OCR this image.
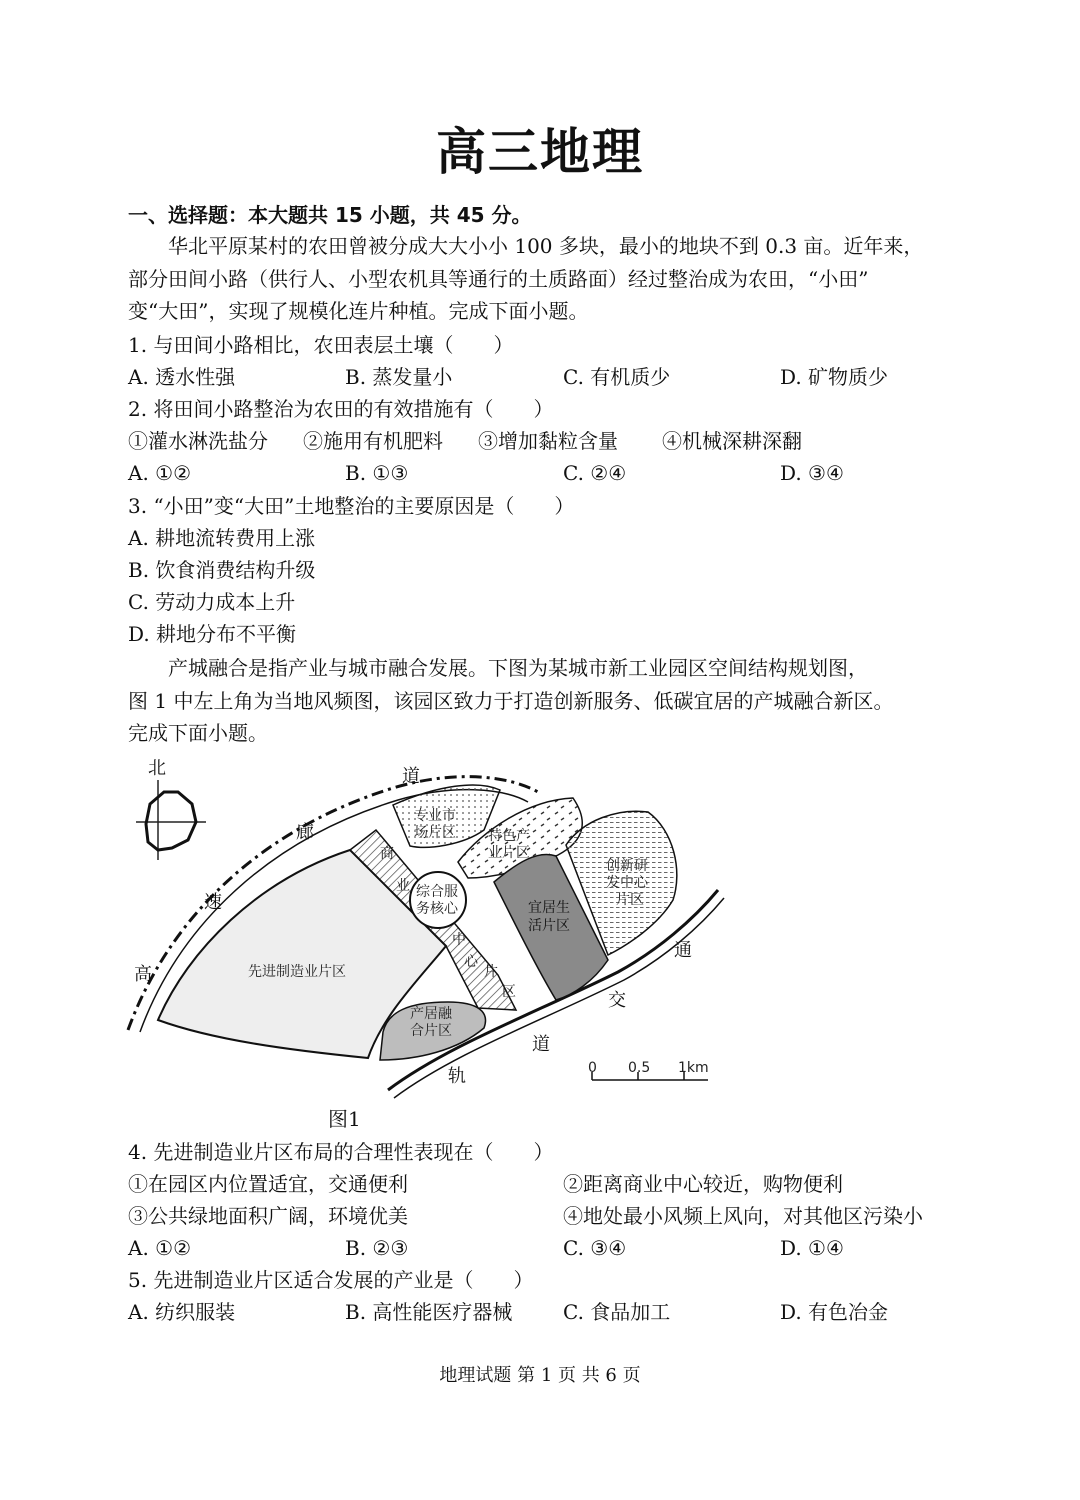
高三地理
一、选择题：本大题共 15 小题，共 45 分。
华北平原某村的农田曾被分成大大小小 100 多块，最小的地块不到 0.3 亩。近年来，
部分田间小路（供行人、小型农机具等通行的土质路面）经过整治成为农田，“小田”
变“大田”，实现了规模化连片种植。完成下面小题。
1. 与田间小路相比，农田表层土壤（　　）
A. 透水性强	B. 蒸发量小	C. 有机质少	D. 矿物质少
2. 将田间小路整治为农田的有效措施有（　　）
①灌水淋洗盐分 ②施用有机肥料 ③增加黏粒含量 ④机械深耕深翻
A. ①②	B. ①③	C. ②④	D. ③④
3. “小田”变“大田”土地整治的主要原因是（　　）
A. 耕地流转费用上涨
B. 饮食消费结构升级
C. 劳动力成本上升
D. 耕地分布不平衡
产城融合是指产业与城市融合发展。下图为某城市新工业园区空间结构规划图，
图 1 中左上角为当地风频图，该园区致力于打造创新服务、低碳宜居的产城融合新区。
完成下面小题。
北
专业市
场片区 特色产
业片区
创新研
发中心
片区
综合服
务核心	宜居生
活片区
先进制造业片区
产居融
合片区
商
业
中
心
片
区
高
速
廊
道
轨
道
交
通
0 0.5 1km
图1
4. 先进制造业片区布局的合理性表现在（　　）
①在园区内位置适宜，交通便利	②距离商业中心较近，购物便利
③公共绿地面积广阔，环境优美	④地处最小风频上风向，对其他区污染小
A. ①②	B. ②③	C. ③④	D. ①④
5. 先进制造业片区适合发展的产业是（　　）
A. 纺织服装	B. 高性能医疗器械	C. 食品加工	D. 有色冶金
地理试题 第 1 页 共 6 页
